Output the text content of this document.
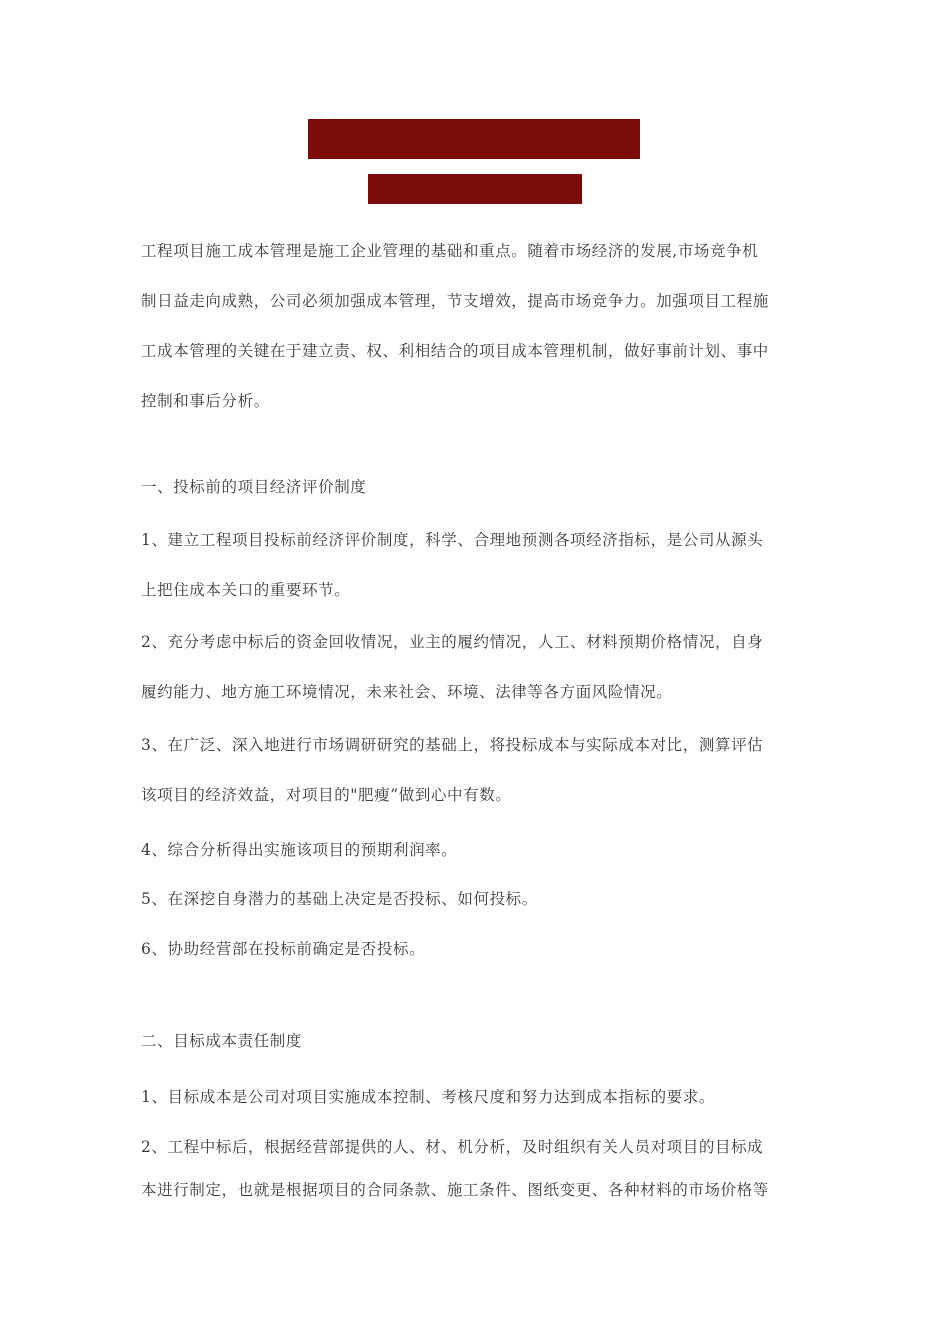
工程项目施工成本管理是施工企业管理的基础和重点。随着市场经济的发展,市场竞争机
制日益走向成熟，公司必须加强成本管理，节支增效，提高市场竞争力。加强项目工程施
工成本管理的关键在于建立责、权、利相结合的项目成本管理机制，做好事前计划、事中
控制和事后分析。
一、投标前的项目经济评价制度
1、建立工程项目投标前经济评价制度，科学、合理地预测各项经济指标，是公司从源头
上把住成本关口的重要环节。
2、充分考虑中标后的资金回收情况，业主的履约情况，人工、材料预期价格情况，自身
履约能力、地方施工环境情况，未来社会、环境、法律等各方面风险情况。
3、在广泛、深入地进行市场调研研究的基础上，将投标成本与实际成本对比，测算评估
该项目的经济效益，对项目的"肥瘦”做到心中有数。
4、综合分析得出实施该项目的预期利润率。
5、在深挖自身潜力的基础上决定是否投标、如何投标。
6、协助经营部在投标前确定是否投标。
二、目标成本责任制度
1、目标成本是公司对项目实施成本控制、考核尺度和努力达到成本指标的要求。
2、工程中标后，根据经营部提供的人、材、机分析，及时组织有关人员对项目的目标成
本进行制定，也就是根据项目的合同条款、施工条件、图纸变更、各种材料的市场价格等
